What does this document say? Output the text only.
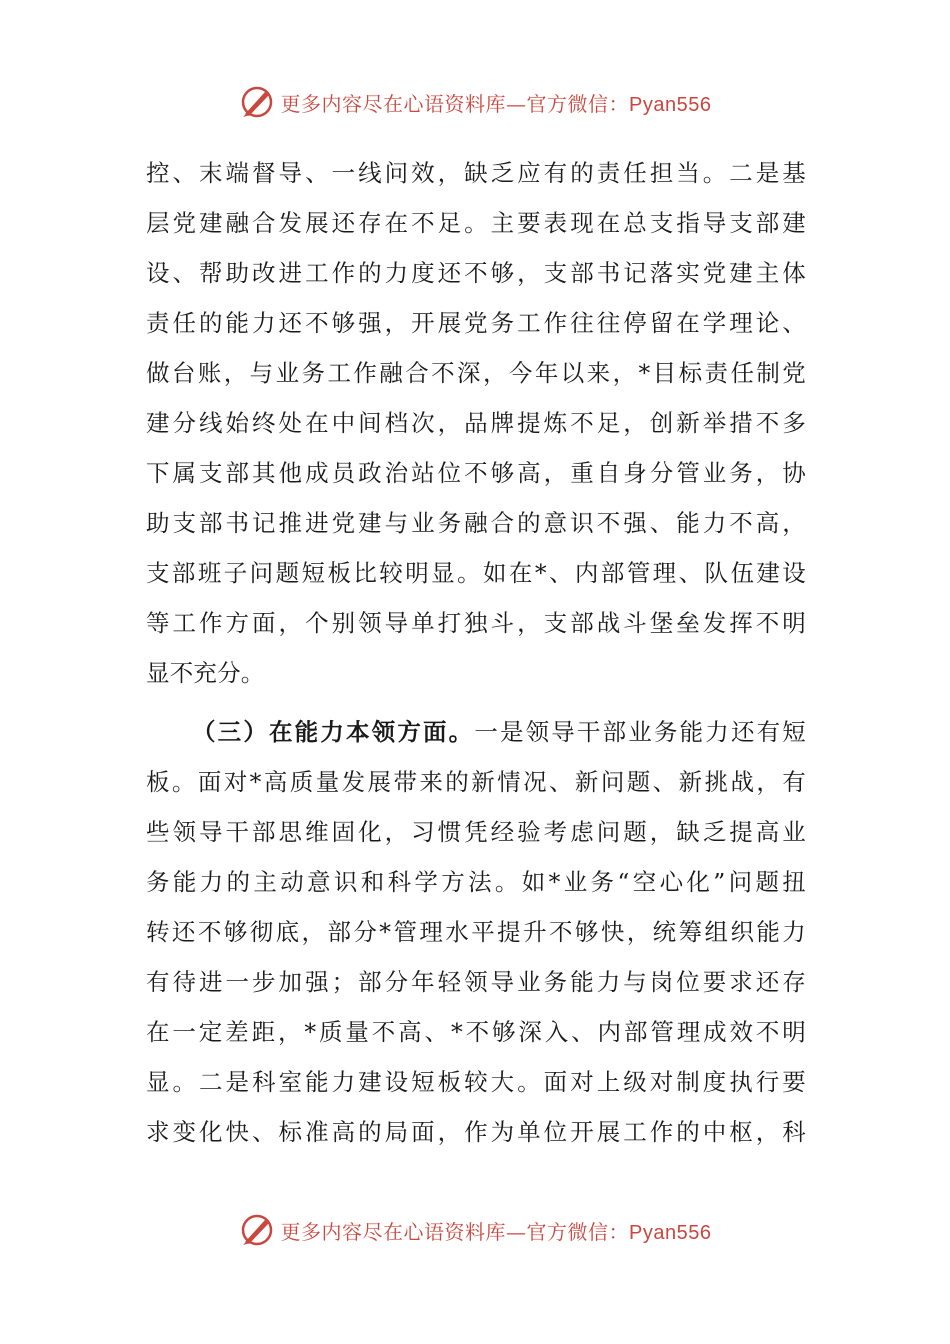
更多内容尽在心语资料库—官方微信：Pyan556
控、末端督导、一线问效，缺乏应有的责任担当。二是基
层党建融合发展还存在不足。主要表现在总支指导支部建
设、帮助改进工作的力度还不够，支部书记落实党建主体
责任的能力还不够强，开展党务工作往往停留在学理论、
做台账，与业务工作融合不深，今年以来，*目标责任制党
建分线始终处在中间档次，品牌提炼不足，创新举措不多
下属支部其他成员政治站位不够高，重自身分管业务，协
助支部书记推进党建与业务融合的意识不强、能力不高，
支部班子问题短板比较明显。如在*、内部管理、队伍建设
等工作方面，个别领导单打独斗，支部战斗堡垒发挥不明
显不充分。
（三）在能力本领方面。一是领导干部业务能力还有短
板。面对*高质量发展带来的新情况、新问题、新挑战，有
些领导干部思维固化，习惯凭经验考虑问题，缺乏提高业
务能力的主动意识和科学方法。如*业务“空心化”问题扭
转还不够彻底，部分*管理水平提升不够快，统筹组织能力
有待进一步加强；部分年轻领导业务能力与岗位要求还存
在一定差距，*质量不高、*不够深入、内部管理成效不明
显。二是科室能力建设短板较大。面对上级对制度执行要
求变化快、标准高的局面，作为单位开展工作的中枢，科
更多内容尽在心语资料库—官方微信：Pyan556
